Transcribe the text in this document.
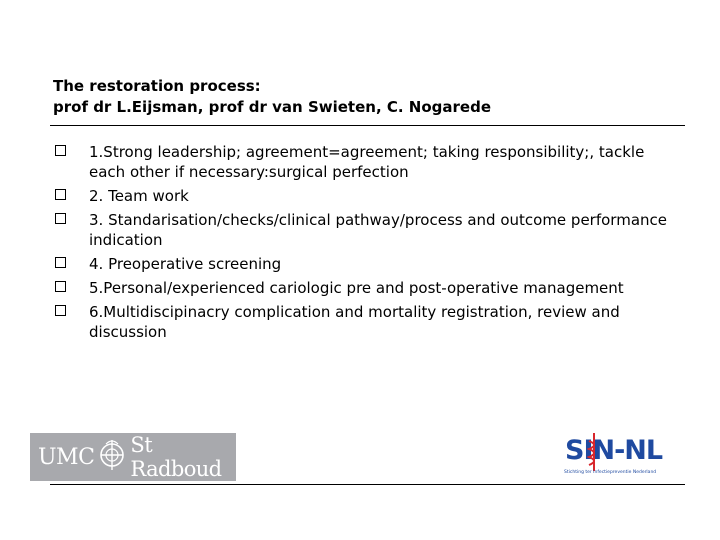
The restoration process:
prof dr L.Eijsman, prof dr van Swieten, C. Nogarede
1.Strong leadership; agreement=agreement; taking responsibility;, tackle each other if necessary:surgical perfection
2. Team work
3. Standarisation/checks/clinical pathway/process and outcome performance indication
4. Preoperative screening
5.Personal/experienced cariologic pre and post-operative management
6.Multidiscipinacry complication and mortality registration, review and discussion
UMC St Radboud
SIN-NL
Stichting ter Infectiepreventie Nederland
